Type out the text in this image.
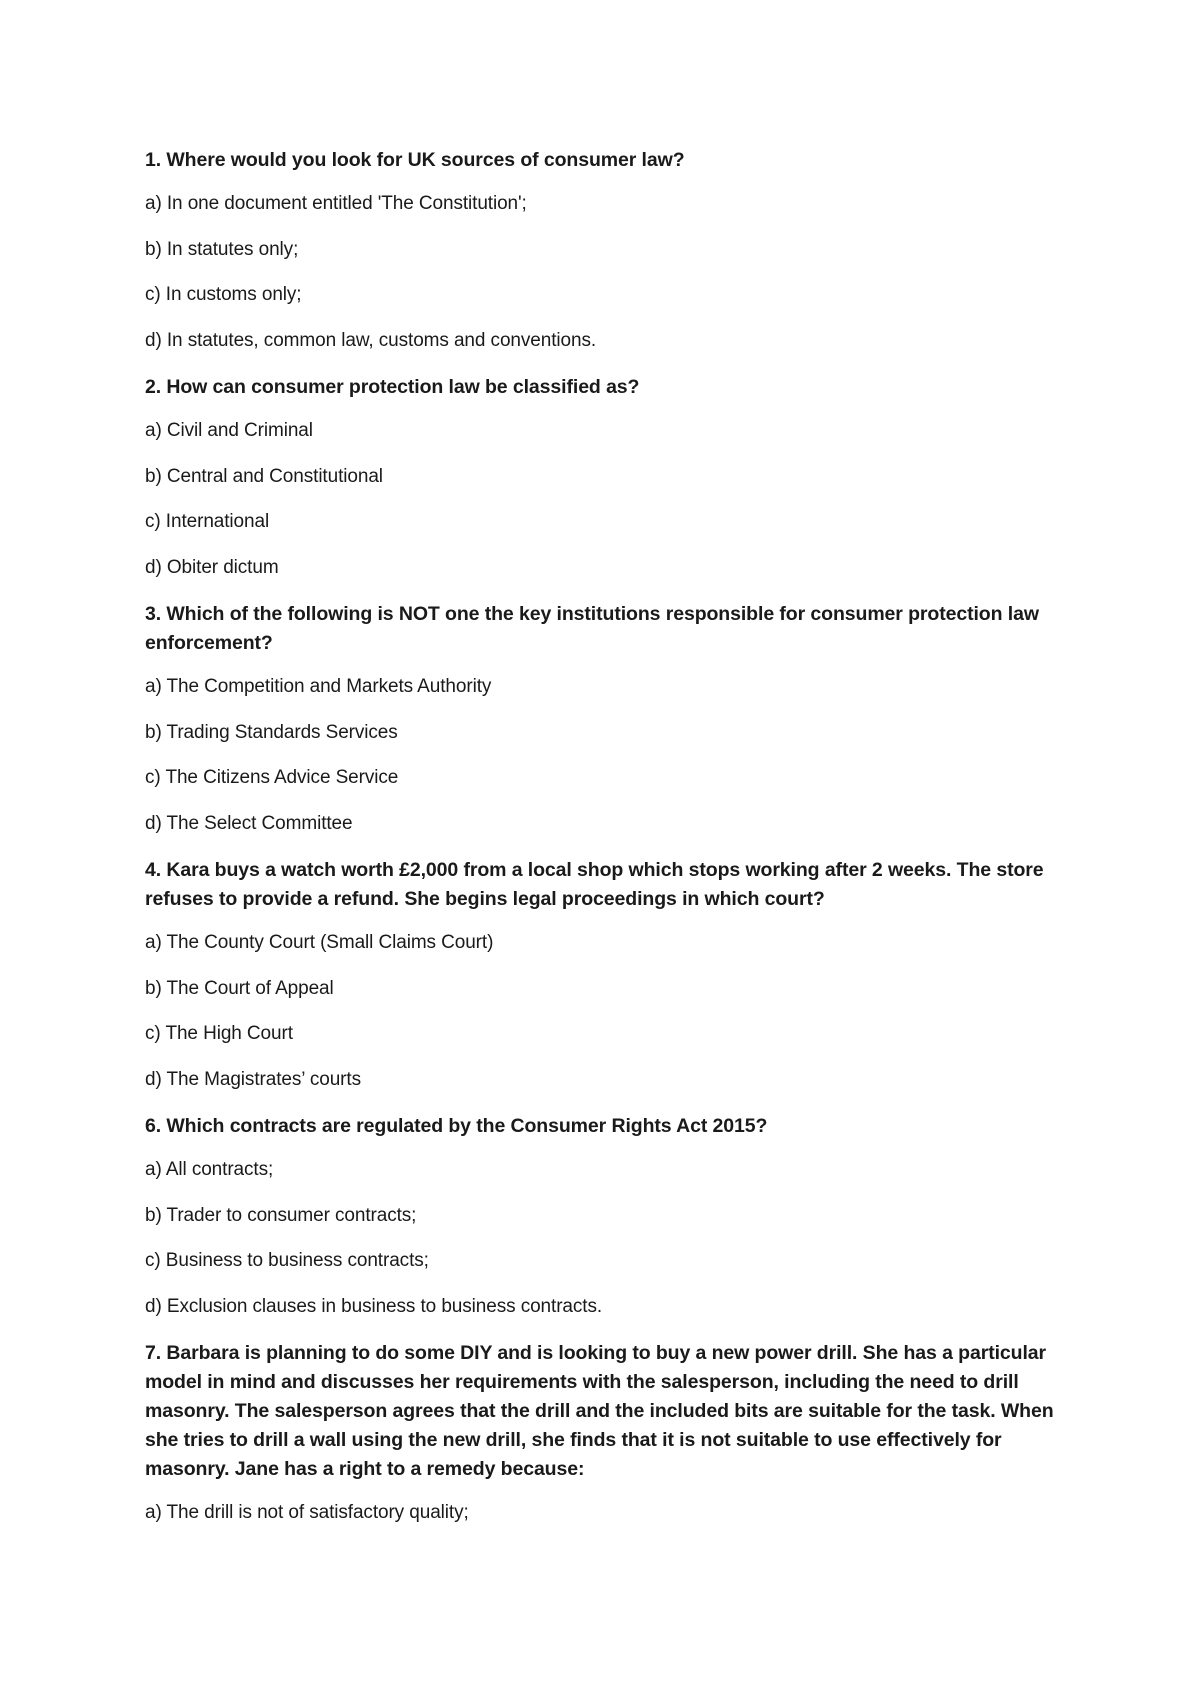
1. Where would you look for UK sources of consumer law?

a) In one document entitled 'The Constitution';

b) In statutes only;

c) In customs only;

d) In statutes, common law, customs and conventions.

2. How can consumer protection law be classified as?

a) Civil and Criminal

b) Central and Constitutional

c) International

d) Obiter dictum

3. Which of the following is NOT one the key institutions responsible for consumer protection law enforcement?

a) The Competition and Markets Authority

b) Trading Standards Services

c) The Citizens Advice Service

d) The Select Committee

4. Kara buys a watch worth £2,000 from a local shop which stops working after 2 weeks. The store refuses to provide a refund. She begins legal proceedings in which court?

a) The County Court (Small Claims Court)

b) The Court of Appeal

c) The High Court

d) The Magistrates’ courts

6. Which contracts are regulated by the Consumer Rights Act 2015?

a) All contracts;

b) Trader to consumer contracts;

c) Business to business contracts;

d) Exclusion clauses in business to business contracts.

7. Barbara is planning to do some DIY and is looking to buy a new power drill. She has a particular model in mind and discusses her requirements with the salesperson, including the need to drill masonry. The salesperson agrees that the drill and the included bits are suitable for the task. When she tries to drill a wall using the new drill, she finds that it is not suitable to use effectively for masonry. Jane has a right to a remedy because:

a) The drill is not of satisfactory quality;
